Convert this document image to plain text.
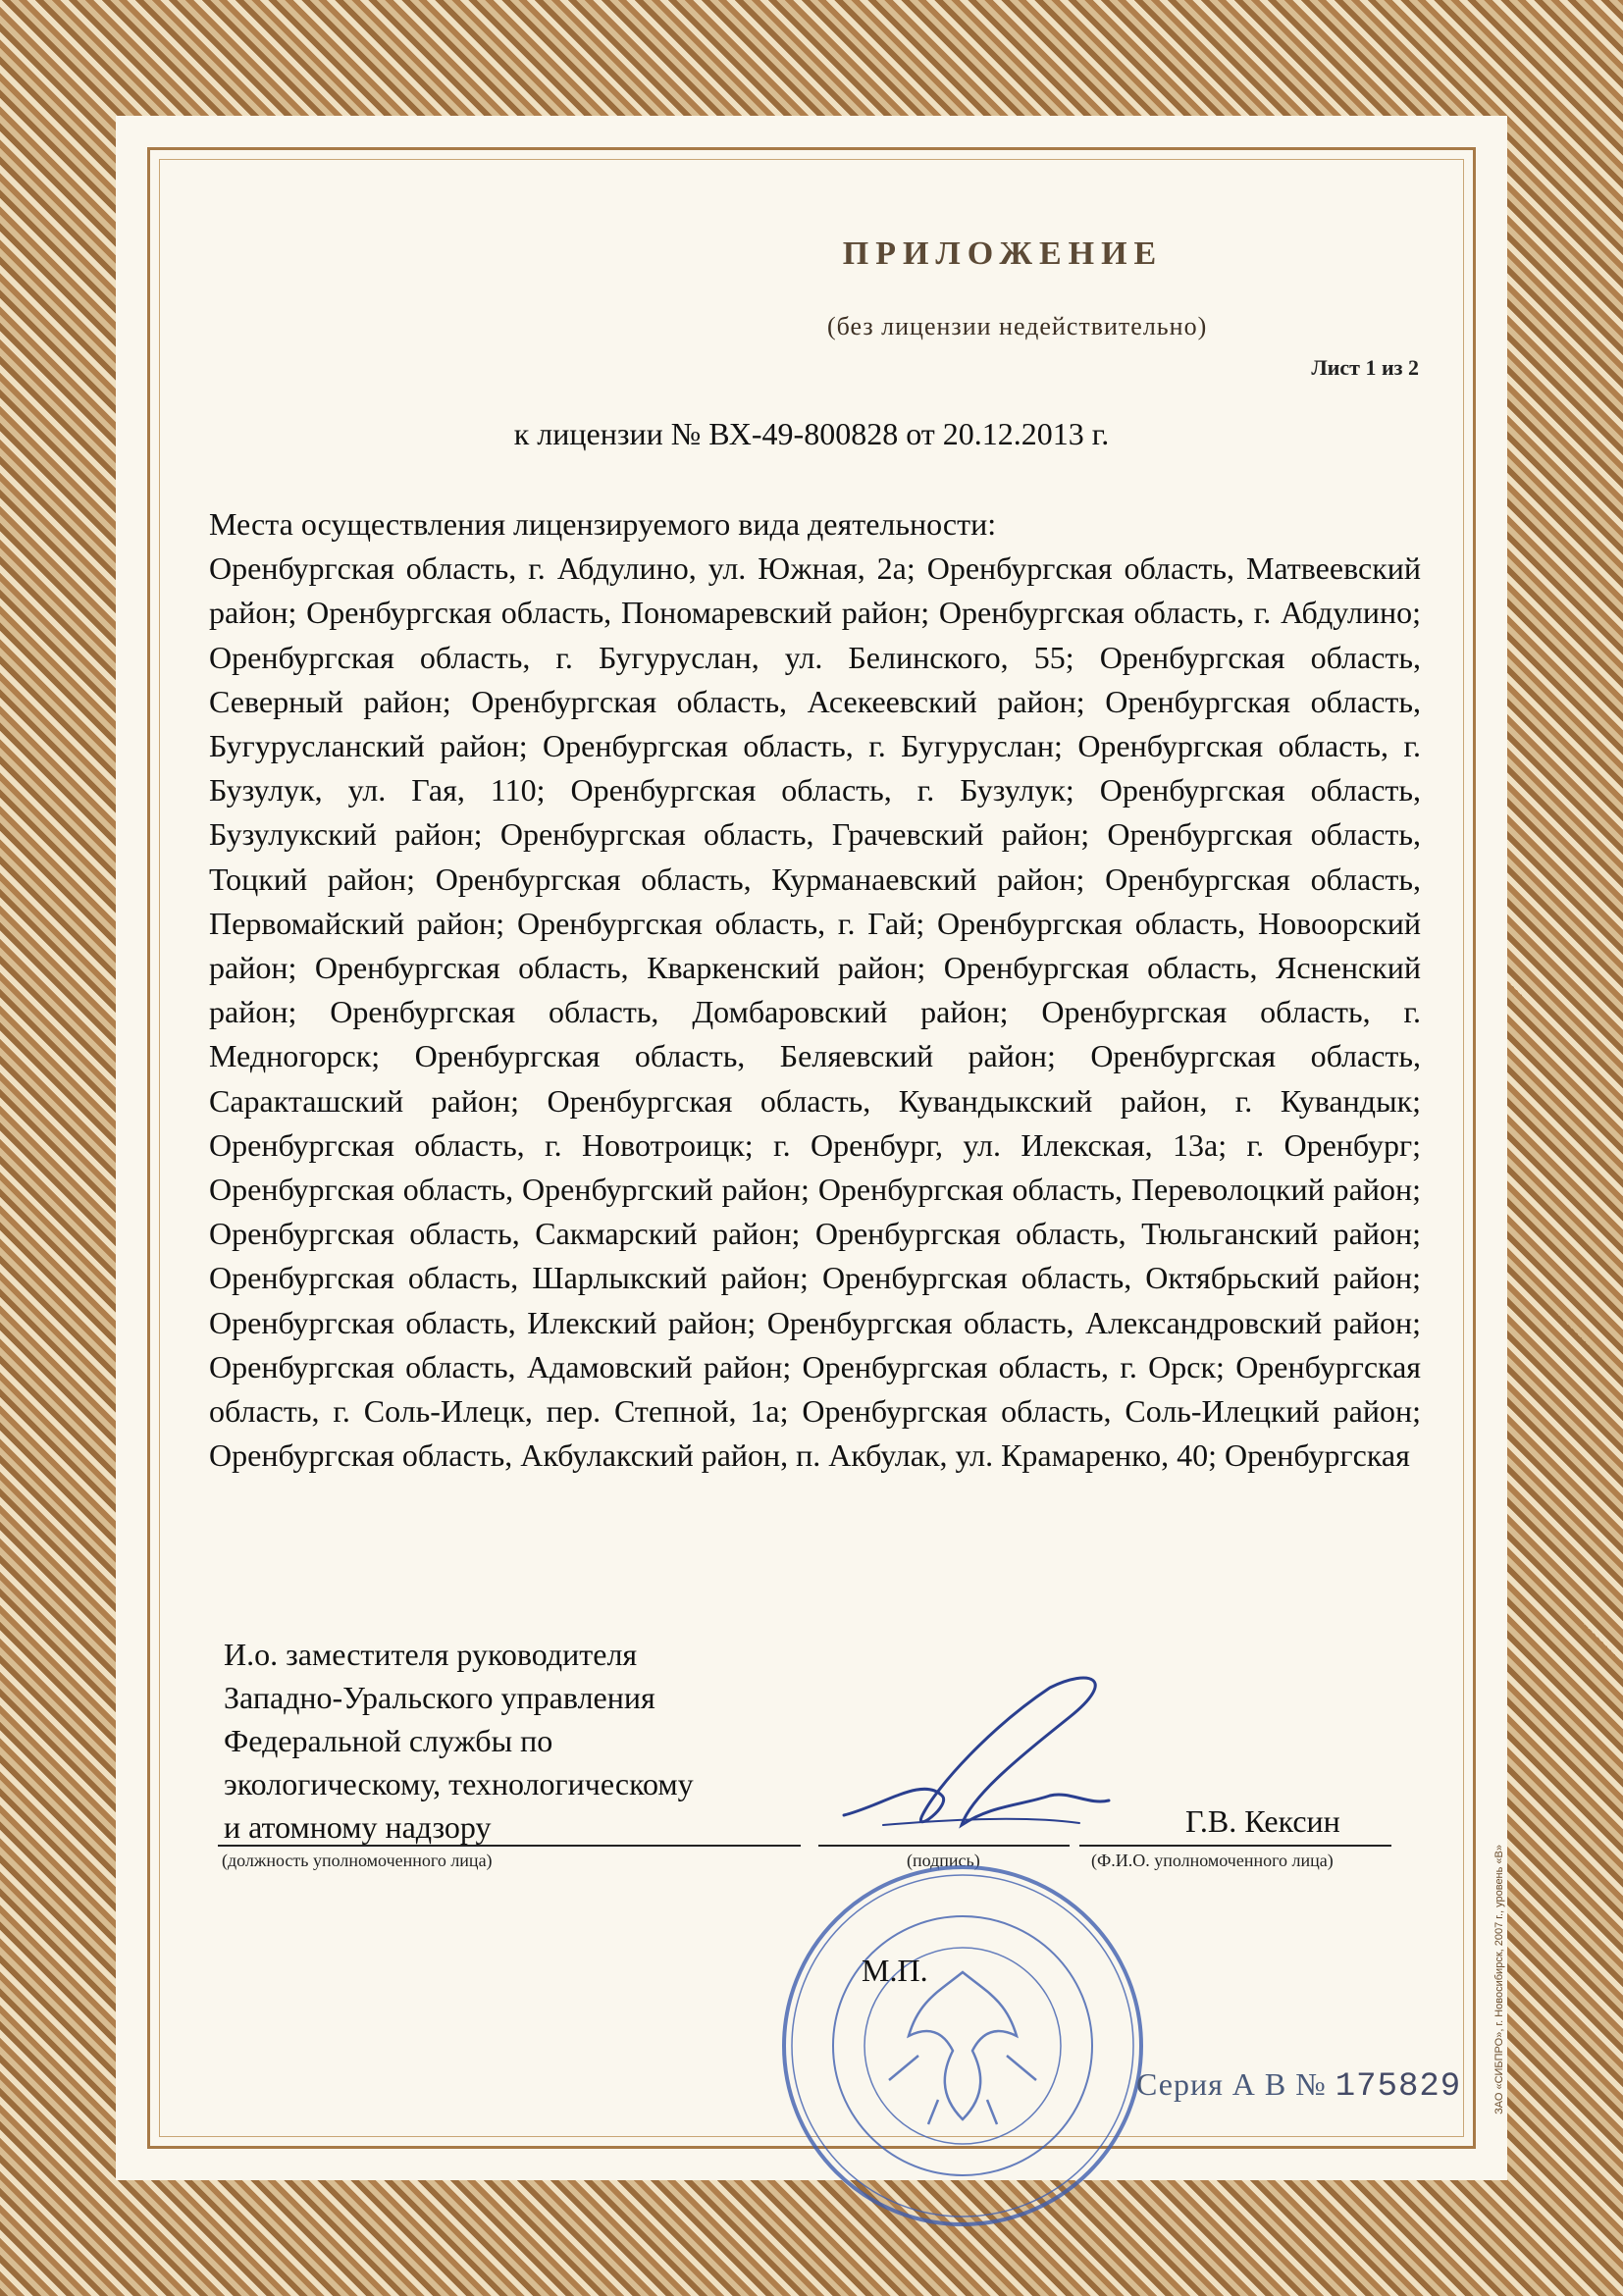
ЗАО «СИБПРО», г. Новосибирск, 2007 г., уровень «В»
ПРИЛОЖЕНИЕ
(без лицензии недействительно)
Лист 1 из 2
к лицензии № ВХ-49-800828 от 20.12.2013 г.
Места осуществления лицензируемого вида деятельности:
Оренбургская область, г. Абдулино, ул. Южная, 2а; Оренбургская область, Матвеевский район; Оренбургская область, Пономаревский район; Оренбургская область, г. Абдулино; Оренбургская область, г. Бугуруслан, ул. Белинского, 55; Оренбургская область, Северный район; Оренбургская область, Асекеевский район; Оренбургская область, Бугурусланский район; Оренбургская область, г. Бугуруслан; Оренбургская область, г. Бузулук, ул. Гая, 110; Оренбургская область, г. Бузулук; Оренбургская область, Бузулукский район; Оренбургская область, Грачевский район; Оренбургская область, Тоцкий район; Оренбургская область, Курманаевский район; Оренбургская область, Первомайский район; Оренбургская область, г. Гай; Оренбургская область, Новоорский район; Оренбургская область, Кваркенский район; Оренбургская область, Ясненский район; Оренбургская область, Домбаровский район; Оренбургская область, г. Медногорск; Оренбургская область, Беляевский район; Оренбургская область, Саракташский район; Оренбургская область, Кувандыкский район, г. Кувандык; Оренбургская область, г. Новотроицк; г. Оренбург, ул. Илекская, 13а; г. Оренбург; Оренбургская область, Оренбургский район; Оренбургская область, Переволоцкий район; Оренбургская область, Сакмарский район; Оренбургская область, Тюльганский район; Оренбургская область, Шарлыкский район; Оренбургская область, Октябрьский район; Оренбургская область, Илекский район; Оренбургская область, Александровский район; Оренбургская область, Адамовский район; Оренбургская область, г. Орск; Оренбургская область, г. Соль-Илецк, пер. Степной, 1а; Оренбургская область, Соль-Илецкий район; Оренбургская область, Акбулакский район, п. Акбулак, ул. Крамаренко, 40; Оренбургская
И.о. заместителя руководителя
Западно-Уральского управления
Федеральной службы по
экологическому, технологическому
и атомному надзору
(должность уполномоченного лица)	(подпись)	(Ф.И.О. уполномоченного лица)
Г.В. Кексин
М.П.
Серия А В № 175829
